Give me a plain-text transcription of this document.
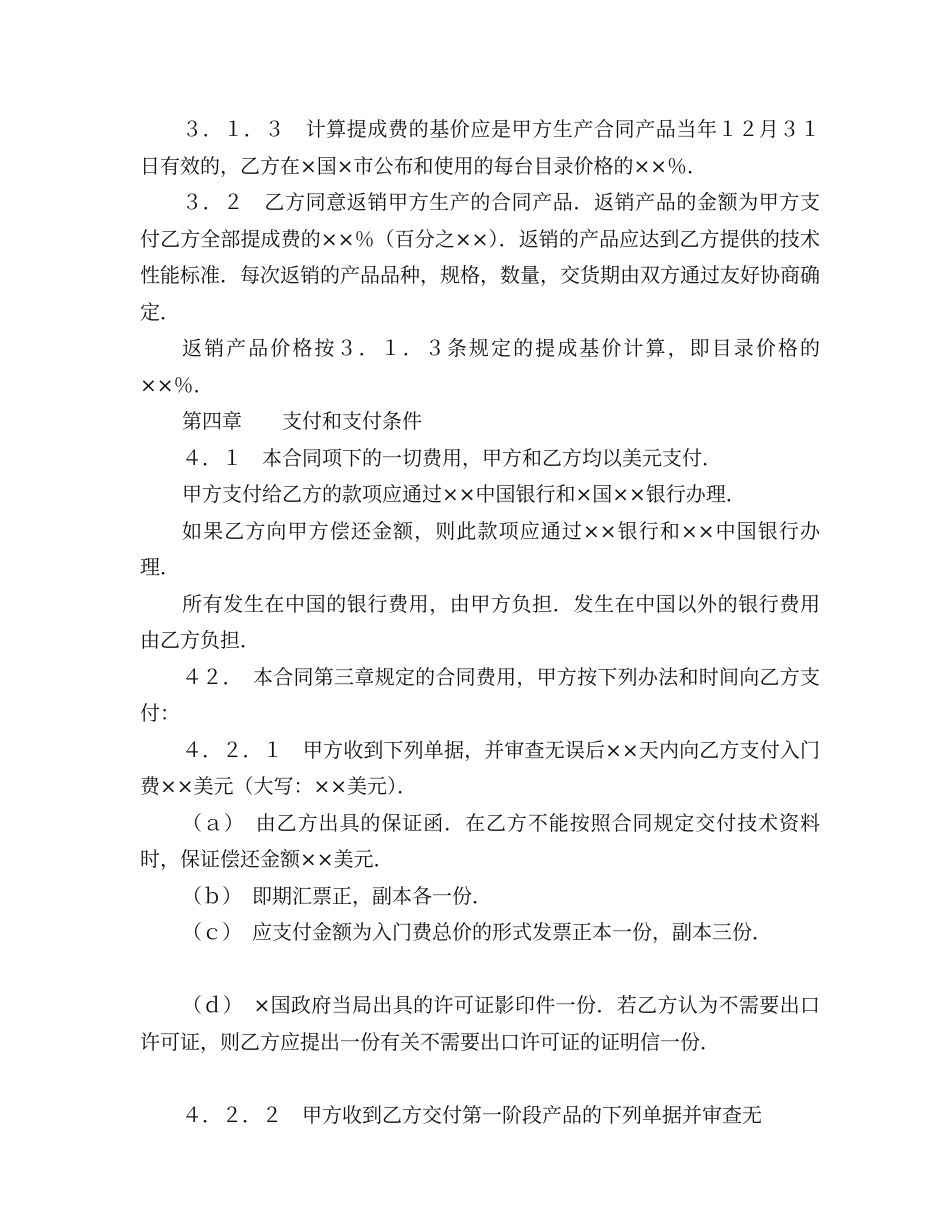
３．１．３　计算提成费的基价应是甲方生产合同产品当年１２月３１日有效的，乙方在×国×市公布和使用的每台目录价格的××％．

３．２　乙方同意返销甲方生产的合同产品．返销产品的金额为甲方支付乙方全部提成费的××％（百分之××）．返销的产品应达到乙方提供的技术性能标准．每次返销的产品品种，规格，数量，交货期由双方通过友好协商确定．

返销产品价格按３．１．３条规定的提成基价计算，即目录价格的××％．

第四章　　支付和支付条件

４．１　本合同项下的一切费用，甲方和乙方均以美元支付．

甲方支付给乙方的款项应通过××中国银行和×国××银行办理．

如果乙方向甲方偿还金额，则此款项应通过××银行和××中国银行办理．

所有发生在中国的银行费用，由甲方负担．发生在中国以外的银行费用由乙方负担．

４２．　本合同第三章规定的合同费用，甲方按下列办法和时间向乙方支付：

４．２．１　甲方收到下列单据，并审查无误后××天内向乙方支付入门费××美元（大写：××美元）．

（ａ）　由乙方出具的保证函．在乙方不能按照合同规定交付技术资料时，保证偿还金额××美元．

（ｂ）　即期汇票正，副本各一份．

（ｃ）　应支付金额为入门费总价的形式发票正本一份，副本三份．

（ｄ）　×国政府当局出具的许可证影印件一份．若乙方认为不需要出口许可证，则乙方应提出一份有关不需要出口许可证的证明信一份．

４．２．２　甲方收到乙方交付第一阶段产品的下列单据并审查无
